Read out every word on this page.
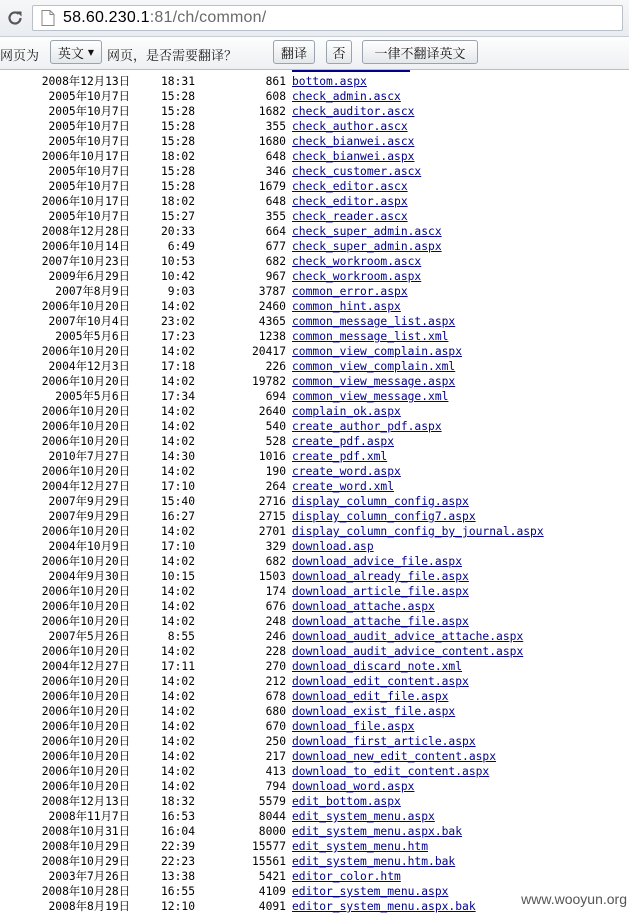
58.60.230.1:81/ch/common/
网页为 英文 ▼ 网页，是否需要翻译？	翻译	否	一律不翻译英文
2008年12月13日	18:31	861 bottom.aspx
2005年10月7日	15:28	608 check_admin.ascx
2005年10月7日	15:28	1682 check_auditor.ascx
2005年10月7日	15:28	355 check_author.ascx
2005年10月7日	15:28	1680 check_bianwei.ascx
2006年10月17日	18:02	648 check_bianwei.aspx
2005年10月7日	15:28	346 check_customer.ascx
2005年10月7日	15:28	1679 check_editor.ascx
2006年10月17日	18:02	648 check_editor.aspx
2005年10月7日	15:27	355 check_reader.ascx
2008年12月28日	20:33	664 check_super_admin.ascx
2006年10月14日	6:49	677 check_super_admin.aspx
2007年10月23日	10:53	682 check_workroom.ascx
2009年6月29日	10:42	967 check_workroom.aspx
2007年8月9日	9:03	3787 common_error.aspx
2006年10月20日	14:02	2460 common_hint.aspx
2007年10月4日	23:02	4365 common_message_list.aspx
2005年5月6日	17:23	1238 common_message_list.xml
2006年10月20日	14:02	20417 common_view_complain.aspx
2004年12月3日	17:18	226 common_view_complain.xml
2006年10月20日	14:02	19782 common_view_message.aspx
2005年5月6日	17:34	694 common_view_message.xml
2006年10月20日	14:02	2640 complain_ok.aspx
2006年10月20日	14:02	540 create_author_pdf.aspx
2006年10月20日	14:02	528 create_pdf.aspx
2010年7月27日	14:30	1016 create_pdf.xml
2006年10月20日	14:02	190 create_word.aspx
2004年12月27日	17:10	264 create_word.xml
2007年9月29日	15:40	2716 display_column_config.aspx
2007年9月29日	16:27	2715 display_column_config7.aspx
2006年10月20日	14:02	2701 display_column_config_by_journal.aspx
2004年10月9日	17:10	329 download.asp
2006年10月20日	14:02	682 download_advice_file.aspx
2004年9月30日	10:15	1503 download_already_file.aspx
2006年10月20日	14:02	174 download_article_file.aspx
2006年10月20日	14:02	676 download_attache.aspx
2006年10月20日	14:02	248 download_attache_file.aspx
2007年5月26日	8:55	246 download_audit_advice_attache.aspx
2006年10月20日	14:02	228 download_audit_advice_content.aspx
2004年12月27日	17:11	270 download_discard_note.xml
2006年10月20日	14:02	212 download_edit_content.aspx
2006年10月20日	14:02	678 download_edit_file.aspx
2006年10月20日	14:02	680 download_exist_file.aspx
2006年10月20日	14:02	670 download_file.aspx
2006年10月20日	14:02	250 download_first_article.aspx
2006年10月20日	14:02	217 download_new_edit_content.aspx
2006年10月20日	14:02	413 download_to_edit_content.aspx
2006年10月20日	14:02	794 download_word.aspx
2008年12月13日	18:32	5579 edit_bottom.aspx
2008年11月7日	16:53	8044 edit_system_menu.aspx
2008年10月31日	16:04	8000 edit_system_menu.aspx.bak
2008年10月29日	22:39	15577 edit_system_menu.htm
2008年10月29日	22:23	15561 edit_system_menu.htm.bak
2003年7月26日	13:38	5421 editor_color.htm
2008年10月28日	16:55	4109 editor_system_menu.aspx
2008年8月19日	12:10	4091 editor_system_menu.aspx.bak	www.wooyun.org
